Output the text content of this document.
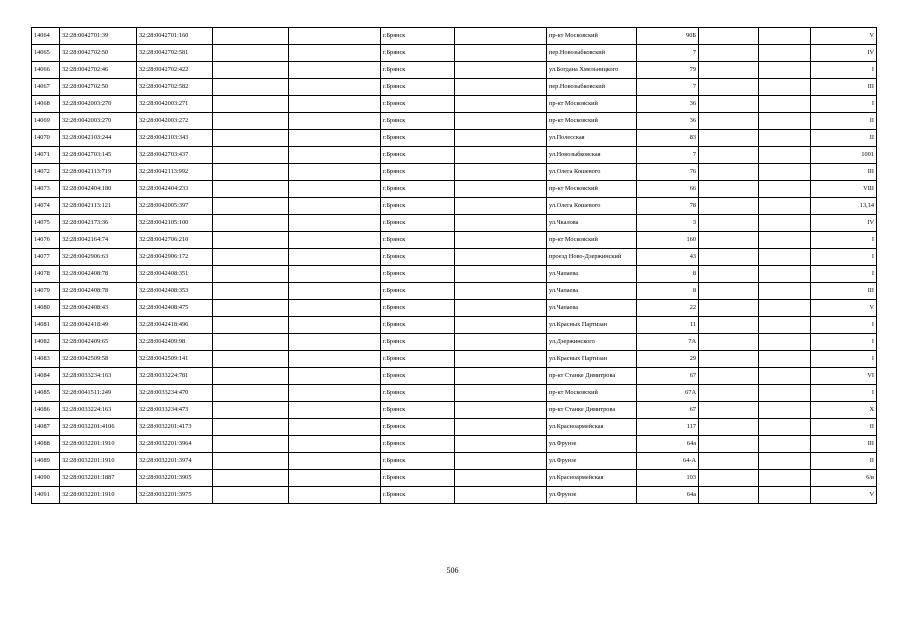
14064	32:28:0042701:39	32:28:0042701:160			г.Брянск		пр-кт Московский	90Б			V
14065	32:28:0042702:50	32:28:0042702:581			г.Брянск		пер.Новозыбковский	7			IV
14066	32:28:0042702:46	32:28:0042702:422			г.Брянск		ул.Богдана Хмельницкого	79			I
14067	32:28:0042702:50	32:28:0042702:582			г.Брянск		пер.Новозыбковский	7			III
14068	32:28:0042003:270	32:28:0042003:271			г.Брянск		пр-кт Московский	36			I
14069	32:28:0042003:270	32:28:0042003:272			г.Брянск		пр-кт Московский	36			II
14070	32:28:0042103:244	32:28:0042103:343			г.Брянск		ул.Полесская	83			II
14071	32:28:0042703:145	32:28:0042703:437			г.Брянск		ул.Новозыбковская	7			1001
14072	32:28:0042113:719	32:28:0042113:992			г.Брянск		ул.Олега Кошевого	76			III
14073	32:28:0042404:180	32:28:0042404:233			г.Брянск		пр-кт Московский	66			VIII
14074	32:28:0042113:121	32:28:0042005:397			г.Брянск		ул.Олега Кошевого	78			13,14
14075	32:28:0042173:36	32:28:0042105:100			г.Брянск		ул.Чкалова	3			IV
14076	32:28:0042164:74	32:28:0042706:210			г.Брянск		пр-кт Московский	160			I
14077	32:28:0042906:63	32:28:0042906:172			г.Брянск		проезд Ново-Дзержинский	43			I
14078	32:28:0042408:78	32:28:0042408:351			г.Брянск		ул.Чапаева	8			I
14079	32:28:0042408:78	32:28:0042408:353			г.Брянск		ул.Чапаева	8			III
14080	32:28:0042408:43	32:28:0042408:475			г.Брянск		ул.Чапаева	22			V
14081	32:28:0042418:49	32:28:0042418:496			г.Брянск		ул.Красных Партизан	11			I
14082	32:28:0042409:65	32:28:0042409:98			г.Брянск		ул.Дзержинского	7А			I
14083	32:28:0042509:58	32:28:0042509:141			г.Брянск		ул.Красных Партизан	29			I
14084	32:28:0033234:163	32:28:0033224:781			г.Брянск		пр-кт Станке Димитрова	67			VI
14085	32:28:0041511:249	32:28:0033234:470			г.Брянск		пр-кт Московский	67А			I
14086	32:28:0033224:163	32:28:0033234:473			г.Брянск		пр-кт Станке Димитрова	67			X
14087	32:28:0032201:4106	32:28:0032201:4173			г.Брянск		ул.Красноармейская	117			II
14088	32:28:0032201:1910	32:28:0032201:3964			г.Брянск		ул.Фрунзе	64а			III
14089	32:28:0032201:1910	32:28:0032201:3974			г.Брянск		ул.Фрунзе	64-А			II
14090	32:28:0032201:1887	32:28:0032201:3905			г.Брянск		ул.Красноармейская	103			6/в
14091	32:28:0032201:1910	32:28:0032201:3975			г.Брянск		ул.Фрунзе	64а			V
506
